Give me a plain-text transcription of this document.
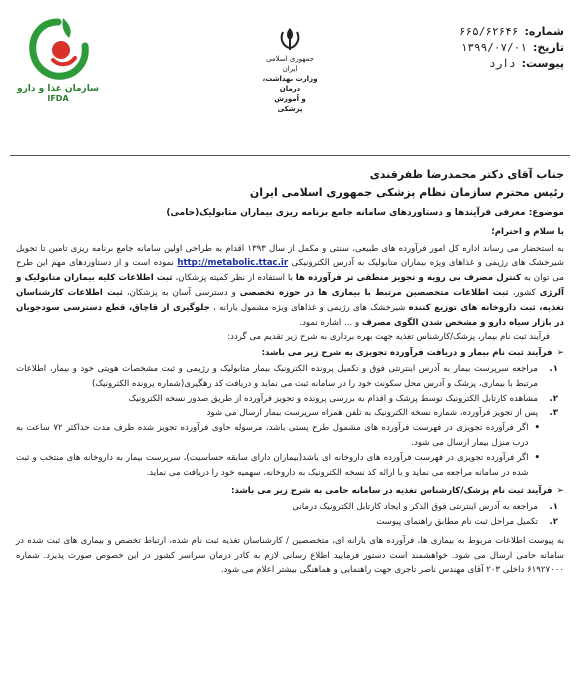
سازمان غذا و دارو
IFDA
جمهوری اسلامی ایران
وزارت بهداشت، درمان
و آموزش پزشکی
شماره:
۶۶۵/۶۲۶۴۶
تاریخ:
۱۳۹۹/۰۷/۰۱
پیوست:
دارد

جناب آقای دکتر محمدرضا ظفرقندی

رئیس محترم سازمان نظام پزشکی جمهوری اسلامی ایران

موضوع: معرفی فرآیندها و دستاوردهای سامانه جامع برنامه ریزی بیماران متابولیک(حامی)

با سلام و احترام؛

به استحضار می رساند اداره کل امور فرآورده های طبیعی، سنتی و مکمل از سال ۱۳۹۳ اقدام به طراحی اولین سامانه جامع برنامه ریزی تامین تا تحویل شیرخشک های رژیمی و غذاهای ویژه بیماران متابولیک به آدرس الکترونیکی http://metabolic.ttac.ir نموده است و از دستاوردهای مهم این طرح می توان به کنترل مصرف بی رویه و تجویز منطقی تر فرآورده ها با استفاده از نظر کمیته پزشکان، ثبت اطلاعات کلیه بیماران متابولیک و آلرژی کشور، ثبت اطلاعات متخصصین مرتبط با بیماری ها در حوزه تخصصی و دسترسی آسان به پزشکان، ثبت اطلاعات کارشناسان تغذیه، ثبت داروخانه های توزیع کننده شیرخشک های رژیمی و غذاهای ویژه مشمول یارانه ، جلوگیری از قاچاق، قطع دسترسی سودجویان در بازار سیاه دارو و مشخص شدن الگوی مصرف و ... اشاره نمود.

فرآیند ثبت نام بیمار، پزشک/کارشناس تغذیه جهت بهره برداری به شرح زیر تقدیم می گردد:

➢
فرآیند ثبت نام بیمار و دریافت فرآورده تجویزی به شرح زیر می باشد:

۱.
مراجعه سرپرست بیمار به آدرس اینترنتی فوق و تکمیل پرونده الکترونیک بیمار متابولیک و رژیمی و ثبت مشخصات هویتی خود و بیمار، اطلاعات مرتبط با بیماری، پزشک و آدرس محل سکونت خود را در سامانه ثبت می نماید و دریافت کد رهگیری(شماره پرونده الکترونیک)
۲.
مشاهده کارتابل الکترونیک توسط پزشک و اقدام به بررسی پرونده و تجویز فرآورده از طریق صدور نسخه الکترونیک
۳.
پس از تجویز فرآورده، شماره نسخه الکترونیک به تلفن همراه سرپرست بیمار ارسال می شود
•
اگر فرآورده تجویزی در فهرست فرآورده های مشمول طرح پستی باشد، مرسوله حاوی فرآورده تجویز شده ظرف مدت حداکثر ۷۲ ساعت به درب منزل بیمار ارسال می شود.
•
اگر فرآورده تجویزی در فهرست فرآورده های داروخانه ای باشد(بیماران دارای سابقه حساسیت)، سرپرست بیمار به داروخانه های منتخب و ثبت شده در سامانه مراجعه می نماید و با ارائه کد نسخه الکترونیک به داروخانه، سهمیه خود را دریافت می نماید.

➢
فرآیند ثبت نام پزشک/کارشناس تغذیه در سامانه حامی به شرح زیر می باشد:

۱.
مراجعه به آدرس اینترنتی فوق الذکر و ایجاد کارتابل الکترونیک درمانی
۲.
تکمیل مراحل ثبت نام مطابق راهنمای پیوست

به پیوست اطلاعات مربوط به بیماری ها، فرآورده های یارانه ای، متخصصین / کارشناسان تغذیه ثبت نام شده، ارتباط تخصص و بیماری های ثبت شده در سامانه حامی ارسال می شود. خواهشمند است دستور فرمایید اطلاع رسانی لازم به کادر درمان سراسر کشور در این خصوص صورت پذیرد. شماره ۶۱۹۲۷۰۰۰ داخلی ۲۰۳ آقای مهندس ناصر تاجری جهت راهنمایی و هماهنگی بیشتر اعلام می شود.
